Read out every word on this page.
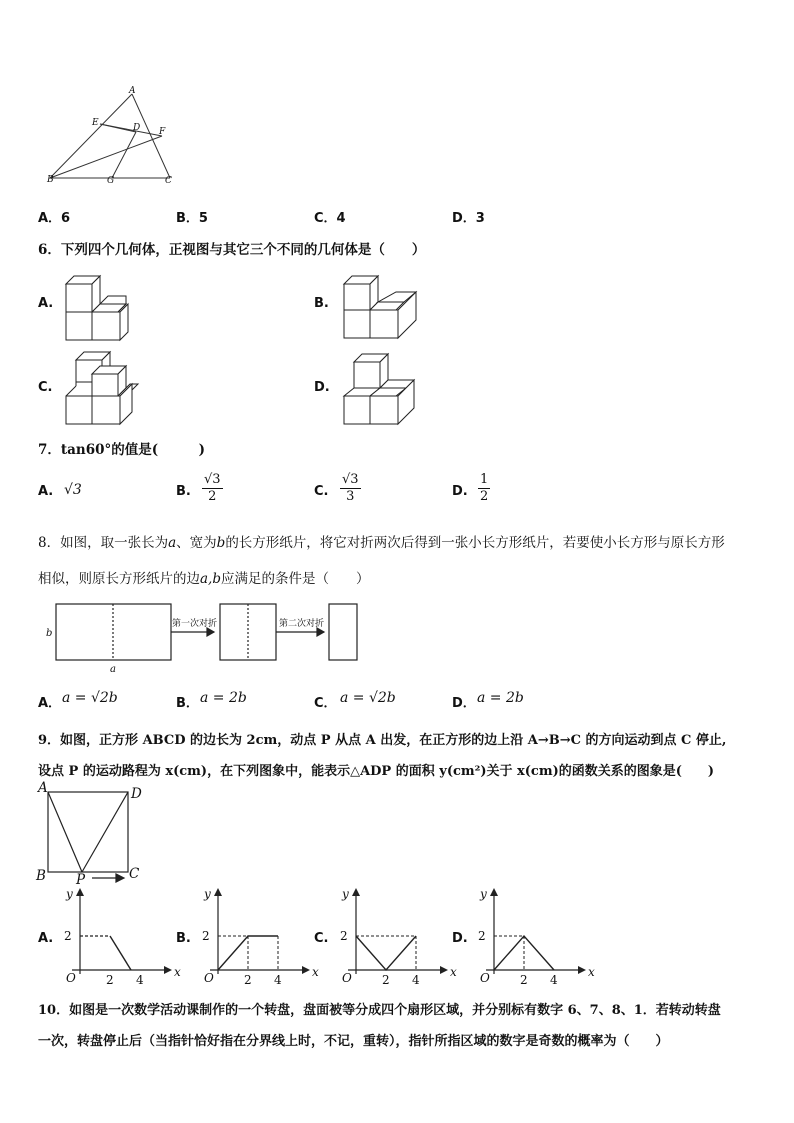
A
E	D F
B	G	C
A．6	B．5	C．4	D．3
6．下列四个几何体，正视图与其它三个不同的几何体是（　　）
A.	B.
C.	D.
7．tan60°的值是(　　　)
A. √3	B. $\frac{√3}{2}$	C. $\frac{√3}{3}$	D. $\frac{1}{2}$
8．如图，取一张长为a、宽为b的长方形纸片，将它对折两次后得到一张小长方形纸片，若要使小长方形与原长方形
相似，则原长方形纸片的边a,b应满足的条件是（　　）
b
a
第一次对折	第二次对折
A． a = √2b	B． a = 2b	C． a = √2b	D． a = 2b
9．如图，正方形 ABCD 的边长为 2cm，动点 P 从点 A 出发，在正方形的边上沿 A→B→C 的方向运动到点 C 停止,
设点 P 的运动路程为 x(cm)，在下列图象中，能表示△ADP 的面积 y(cm²)关于 x(cm)的函数关系的图象是(　　)
A	D
B	C
P
A.
y
x
O
2
2 4
B.
y
x
O
2
2 4
C.
y
x
O
2
2 4
D.
y
x
O
2
2 4
10．如图是一次数学活动课制作的一个转盘，盘面被等分成四个扇形区域，并分别标有数字 6、7、8、1．若转动转盘
一次，转盘停止后（当指针恰好指在分界线上时，不记，重转），指针所指区域的数字是奇数的概率为（　　）
